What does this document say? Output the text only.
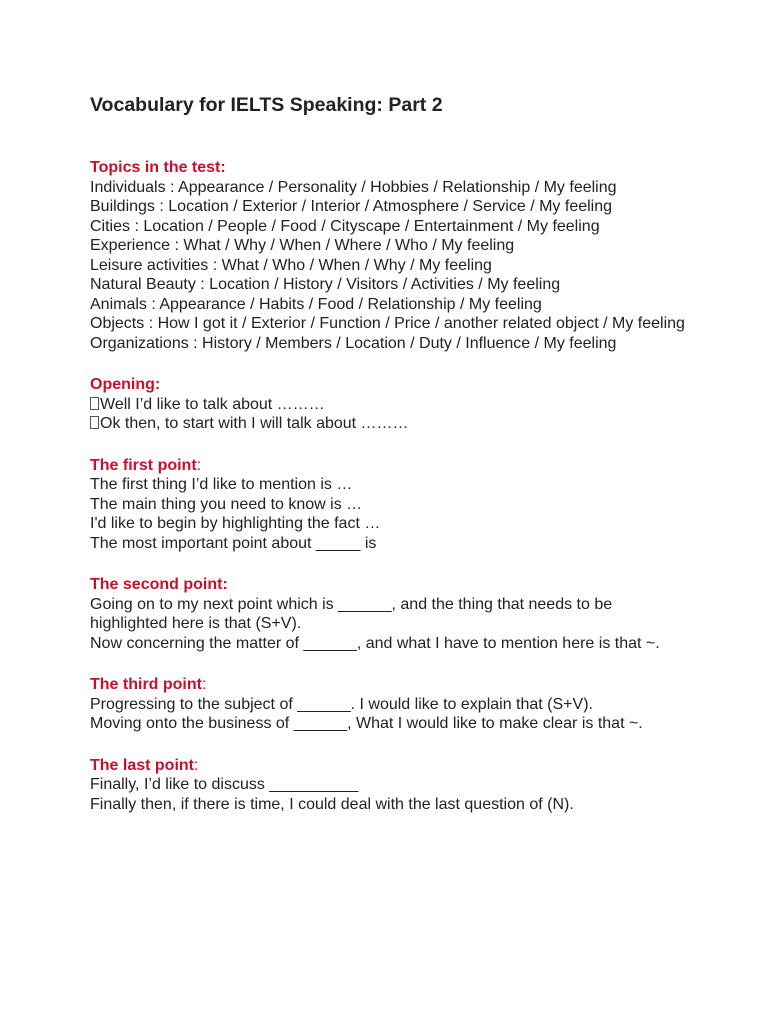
Vocabulary for IELTS Speaking: Part 2

Topics in the test:

Individuals : Appearance / Personality / Hobbies / Relationship / My feeling

Buildings : Location / Exterior / Interior / Atmosphere / Service / My feeling

Cities : Location / People / Food / Cityscape / Entertainment / My feeling

Experience : What / Why / When / Where / Who / My feeling

Leisure activities : What / Who / When / Why / My feeling

Natural Beauty : Location / History / Visitors / Activities / My feeling

Animals : Appearance / Habits / Food / Relationship / My feeling

Objects : How I got it / Exterior / Function / Price / another related object / My feeling

Organizations : History / Members / Location / Duty / Influence / My feeling

Opening:

Well I’d like to talk about ………

Ok then, to start with I will talk about ………

The first point:

The first thing I’d like to mention is …

The main thing you need to know is …

I'd like to begin by highlighting the fact …

The most important point about _____ is

The second point:

Going on to my next point which is ______, and the thing that needs to be highlighted here is that (S+V).

Now concerning the matter of ______, and what I have to mention here is that ~.

The third point:

Progressing to the subject of ______. I would like to explain that (S+V).

Moving onto the business of ______, What I would like to make clear is that ~.

The last point:

Finally, I’d like to discuss __________

Finally then, if there is time, I could deal with the last question of (N).
